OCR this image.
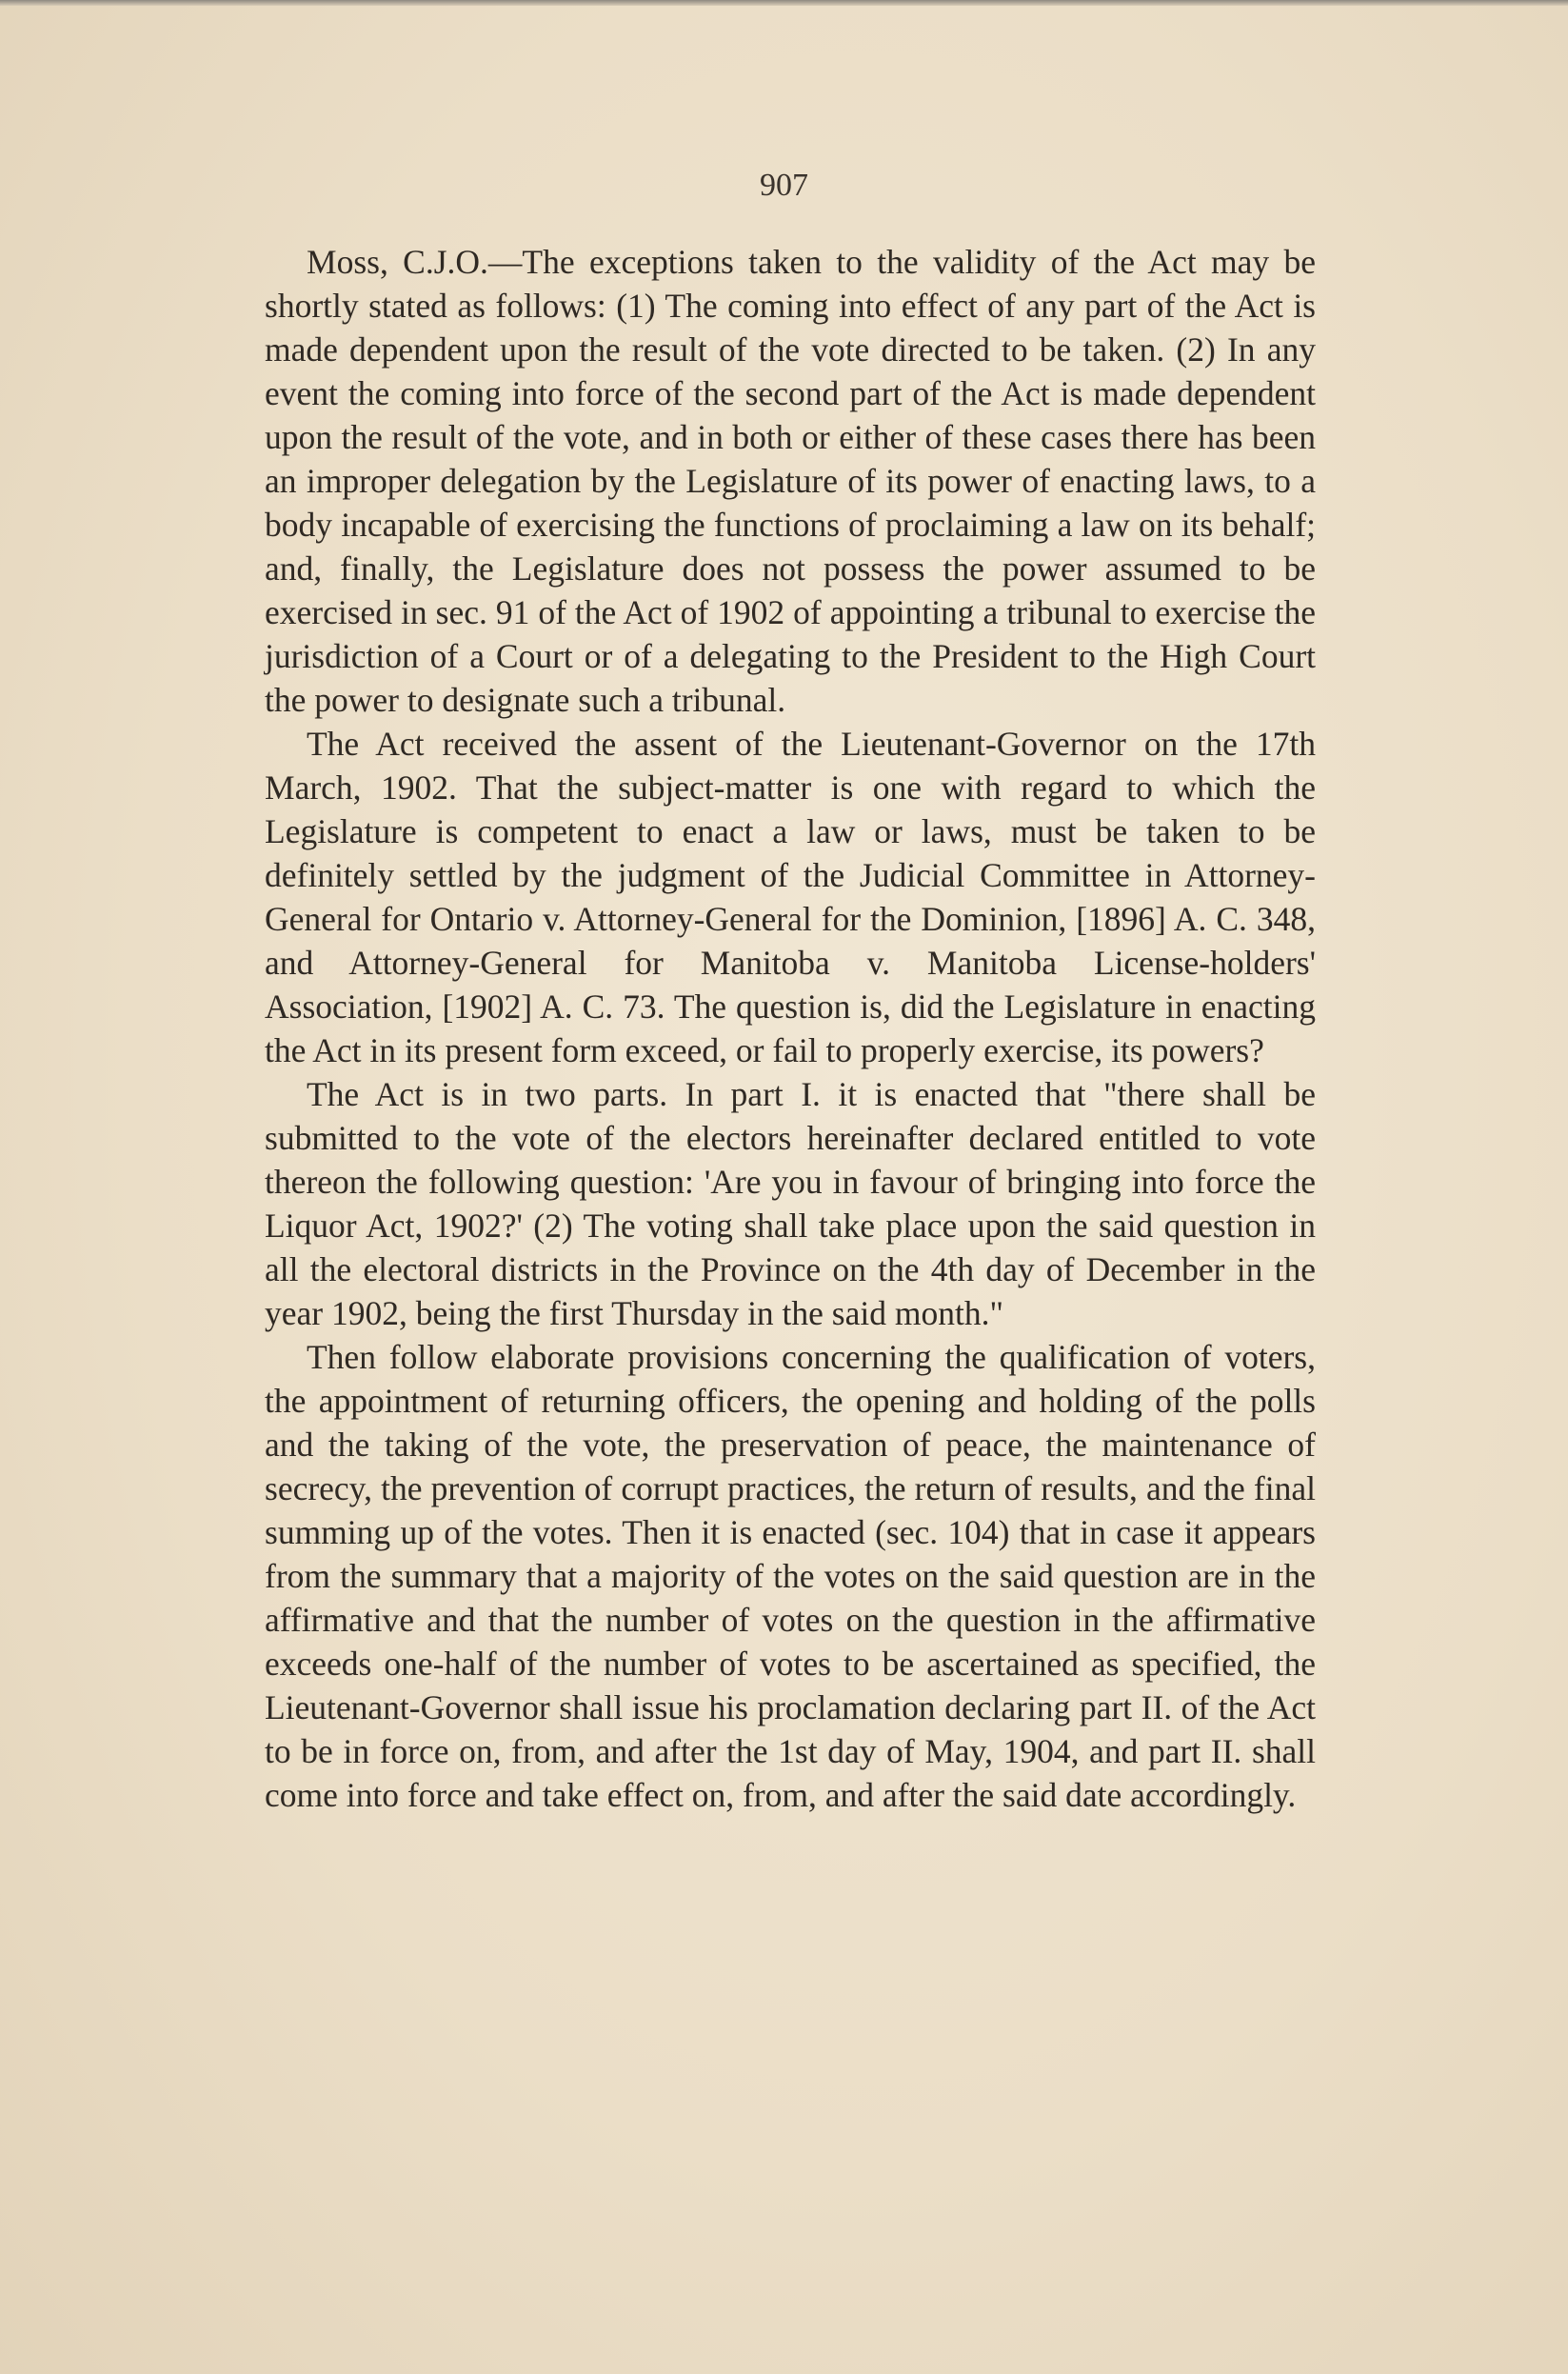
907

Moss, C.J.O.—The exceptions taken to the validity of the Act may be shortly stated as follows: (1) The coming into effect of any part of the Act is made dependent upon the result of the vote directed to be taken. (2) In any event the coming into force of the second part of the Act is made dependent upon the result of the vote, and in both or either of these cases there has been an improper delegation by the Legislature of its power of enacting laws, to a body incapable of exercising the functions of proclaiming a law on its behalf; and, finally, the Legislature does not possess the power assumed to be exercised in sec. 91 of the Act of 1902 of appointing a tribunal to exercise the jurisdiction of a Court or of a delegating to the President to the High Court the power to designate such a tribunal.

The Act received the assent of the Lieutenant-Governor on the 17th March, 1902. That the subject-matter is one with regard to which the Legislature is competent to enact a law or laws, must be taken to be definitely settled by the judgment of the Judicial Committee in Attorney-General for Ontario v. Attorney-General for the Dominion, [1896] A. C. 348, and Attorney-General for Manitoba v. Manitoba License-holders' Association, [1902] A. C. 73. The question is, did the Legislature in enacting the Act in its present form exceed, or fail to properly exercise, its powers?

The Act is in two parts. In part I. it is enacted that "there shall be submitted to the vote of the electors hereinafter declared entitled to vote thereon the following question: 'Are you in favour of bringing into force the Liquor Act, 1902?' (2) The voting shall take place upon the said question in all the electoral districts in the Province on the 4th day of December in the year 1902, being the first Thursday in the said month."

Then follow elaborate provisions concerning the qualification of voters, the appointment of returning officers, the opening and holding of the polls and the taking of the vote, the preservation of peace, the maintenance of secrecy, the prevention of corrupt practices, the return of results, and the final summing up of the votes. Then it is enacted (sec. 104) that in case it appears from the summary that a majority of the votes on the said question are in the affirmative and that the number of votes on the question in the affirmative exceeds one-half of the number of votes to be ascertained as specified, the Lieutenant-Governor shall issue his proclamation declaring part II. of the Act to be in force on, from, and after the 1st day of May, 1904, and part II. shall come into force and take effect on, from, and after the said date accordingly.
